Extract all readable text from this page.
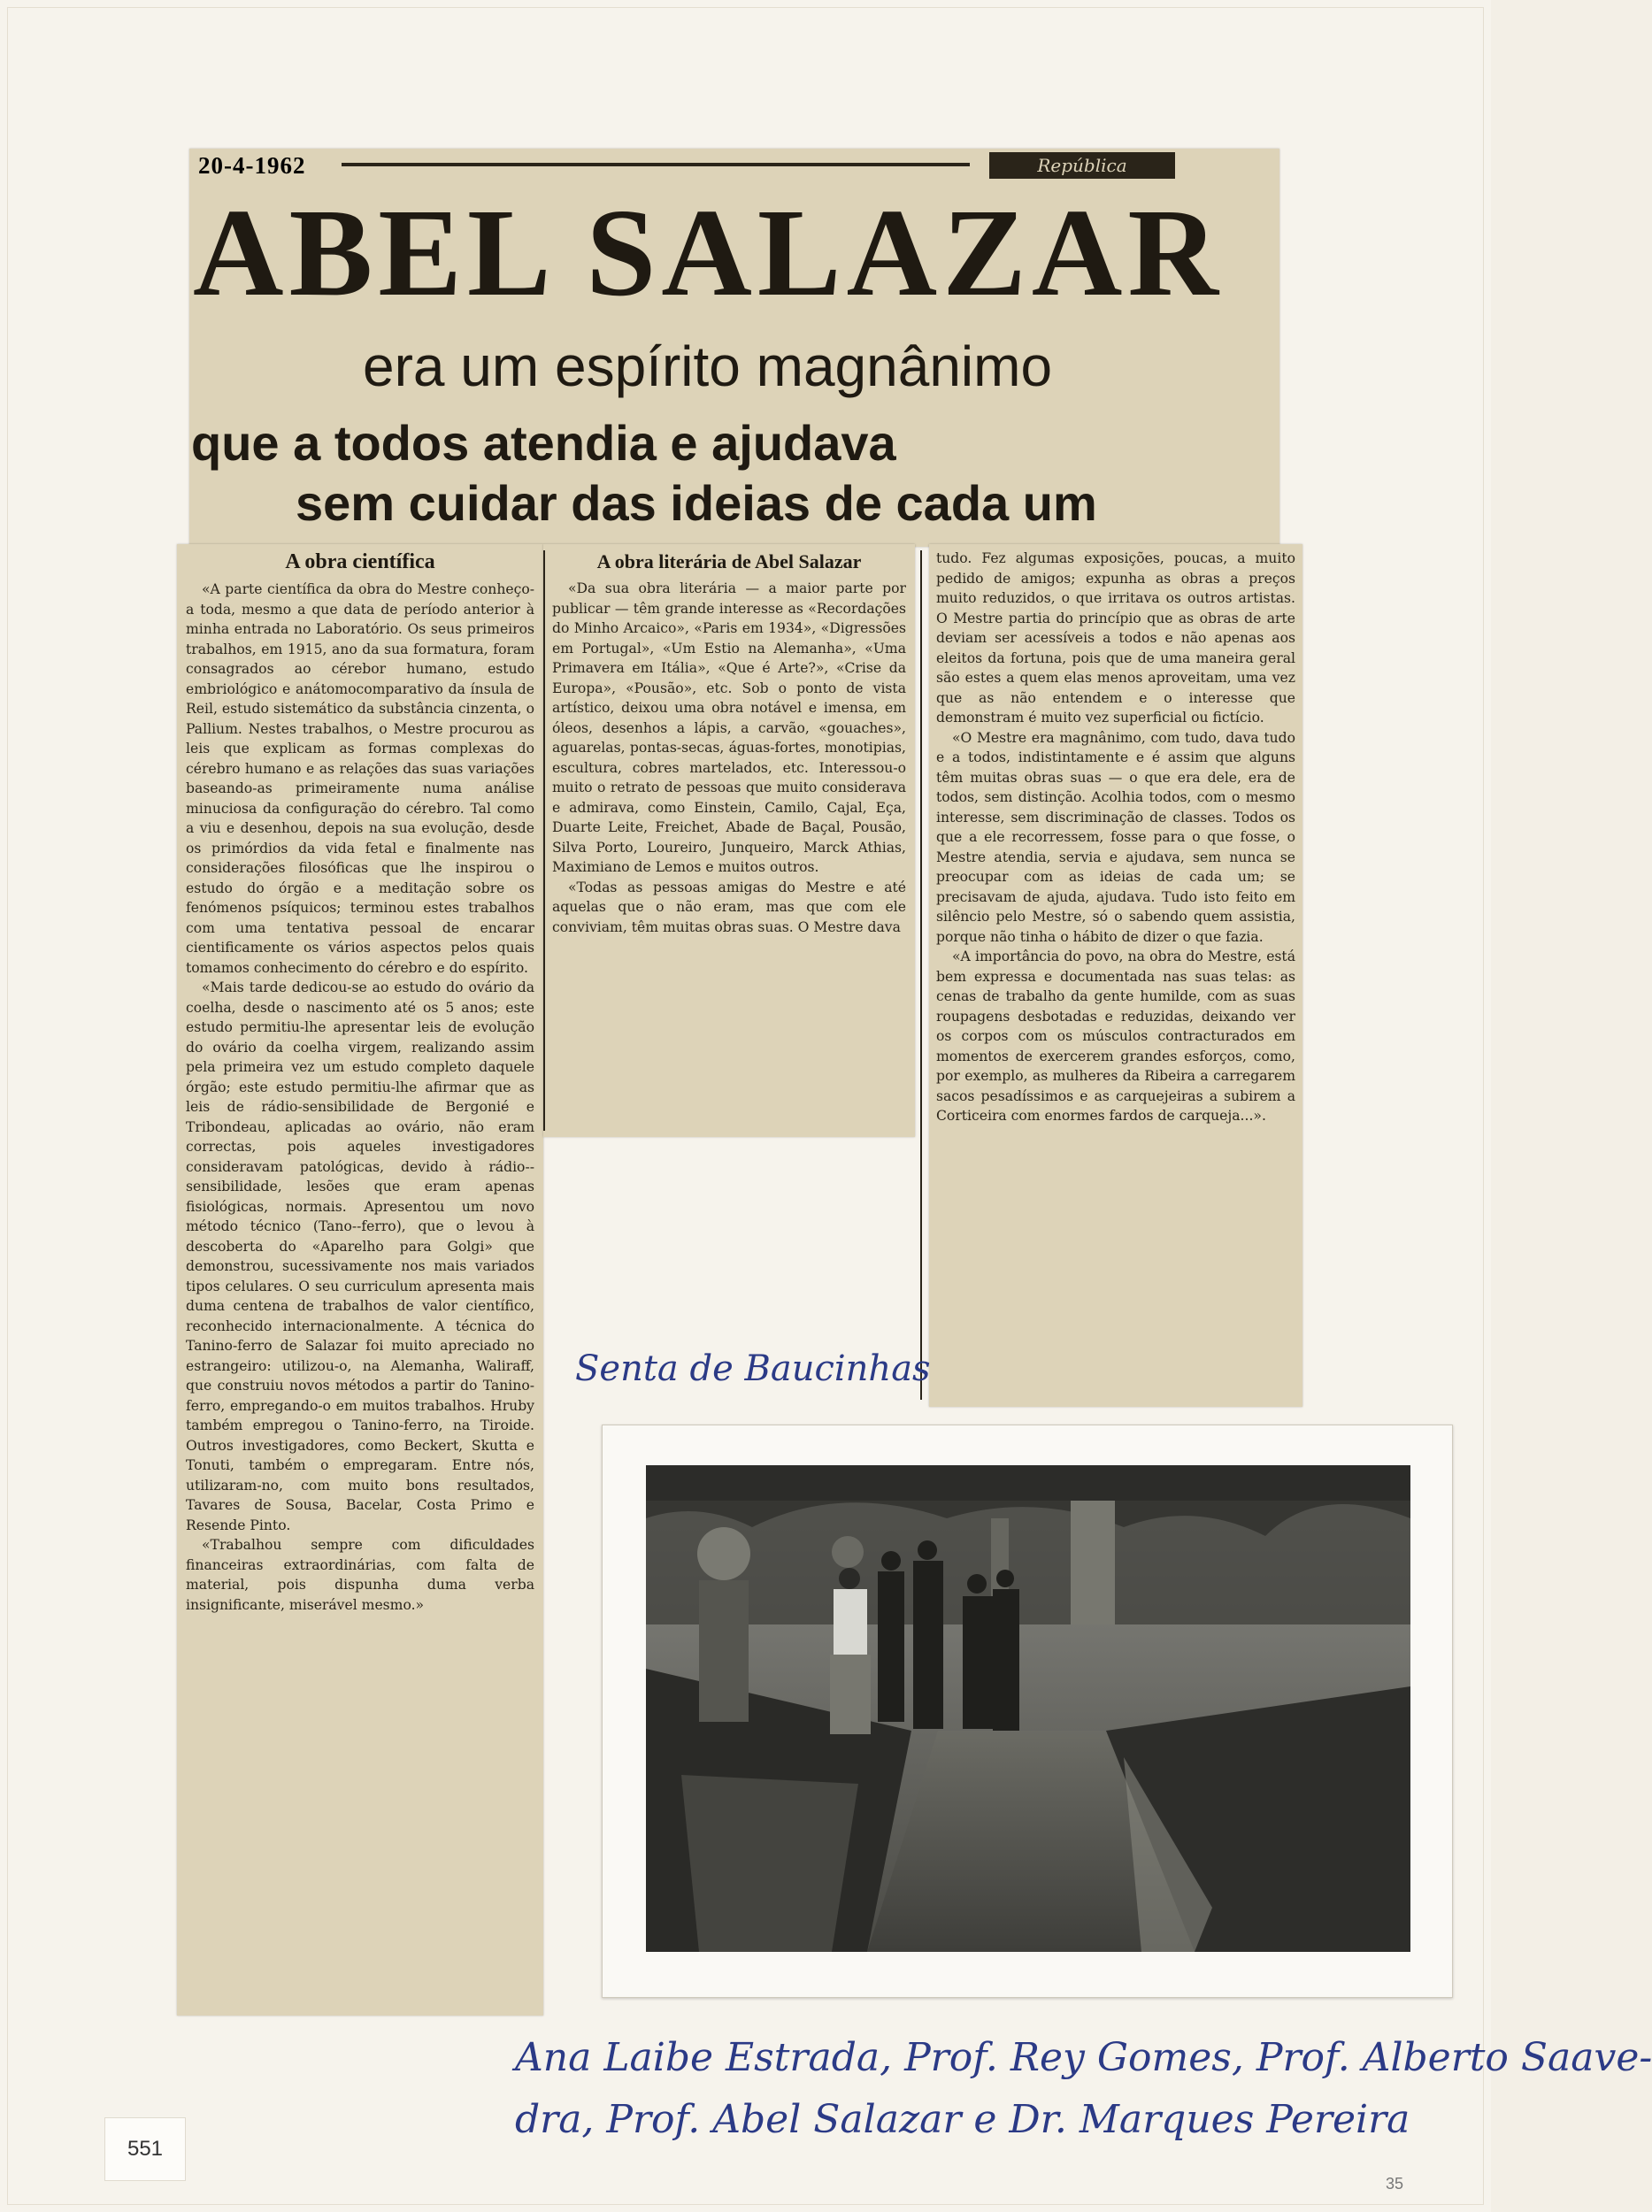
20-4-1962	República
ABEL SALAZAR
era um espírito magnânimo
que a todos atendia e ajudava
sem cuidar das ideias de cada um
A obra científica

«A parte científica da obra do Mestre conheço-a toda, mesmo a que data de período anterior à minha entrada no Laboratório. Os seus primeiros trabalhos, em 1915, ano da sua formatura, foram consagrados ao cérebor humano, estudo embriológico e anátomocomparativo da ínsula de Reil, estudo sistemático da substância cinzenta, o Pallium. Nestes trabalhos, o Mestre procurou as leis que explicam as formas complexas do cérebro humano e as relações das suas variações baseando-as primeiramente numa análise minuciosa da configuração do cérebro. Tal como a viu e desenhou, depois na sua evolução, desde os primórdios da vida fetal e finalmente nas considerações filosóficas que lhe inspirou o estudo do órgão e a meditação sobre os fenómenos psíquicos; terminou estes trabalhos com uma tentativa pessoal de encarar cientificamente os vários aspectos pelos quais tomamos conhecimento do cérebro e do espírito.

«Mais tarde dedicou-se ao estudo do ovário da coelha, desde o nascimento até os 5 anos; este estudo permitiu-lhe apresentar leis de evolução do ovário da coelha virgem, realizando assim pela primeira vez um estudo completo daquele órgão; este estudo permitiu-lhe afirmar que as leis de rádio-sensibilidade de Bergonié e Tribondeau, aplicadas ao ovário, não eram correctas, pois aqueles investigadores consideravam patológicas, devido à rádio--sensibilidade, lesões que eram apenas fisiológicas, normais. Apresentou um novo método técnico (Tano--ferro), que o levou à descoberta do «Aparelho para Golgi» que demonstrou, sucessivamente nos mais variados tipos celulares. O seu curriculum apresenta mais duma centena de trabalhos de valor científico, reconhecido internacionalmente. A técnica do Tanino-ferro de Salazar foi muito apreciado no estrangeiro: utilizou-o, na Alemanha, Waliraff, que construiu novos métodos a partir do Tanino-ferro, empregando-o em muitos trabalhos. Hruby também empregou o Tanino-ferro, na Tiroide. Outros investigadores, como Beckert, Skutta e Tonuti, também o empregaram. Entre nós, utilizaram-no, com muito bons resultados, Tavares de Sousa, Bacelar, Costa Primo e Resende Pinto.

«Trabalhou sempre com dificuldades financeiras extraordinárias, com falta de material, pois dispunha duma verba insignificante, miserável mesmo.»

A obra literária de Abel Salazar

«Da sua obra literária — a maior parte por publicar — têm grande interesse as «Recordações do Minho Arcaico», «Paris em 1934», «Digressões em Portugal», «Um Estio na Alemanha», «Uma Primavera em Itália», «Que é Arte?», «Crise da Europa», «Pousão», etc. Sob o ponto de vista artístico, deixou uma obra notável e imensa, em óleos, desenhos a lápis, a carvão, «gouaches», aguarelas, pontas-secas, águas-fortes, monotipias, escultura, cobres martelados, etc. Interessou-o muito o retrato de pessoas que muito considerava e admirava, como Einstein, Camilo, Cajal, Eça, Duarte Leite, Freichet, Abade de Baçal, Pousão, Silva Porto, Loureiro, Junqueiro, Marck Athias, Maximiano de Lemos e muitos outros.

«Todas as pessoas amigas do Mestre e até aquelas que o não eram, mas que com ele conviviam, têm muitas obras suas. O Mestre dava

tudo. Fez algumas exposições, poucas, a muito pedido de amigos; expunha as obras a preços muito reduzidos, o que irritava os outros artistas. O Mestre partia do princípio que as obras de arte deviam ser acessíveis a todos e não apenas aos eleitos da fortuna, pois que de uma maneira geral são estes a quem elas menos aproveitam, uma vez que as não entendem e o interesse que demonstram é muito vez superficial ou fictício.

«O Mestre era magnânimo, com tudo, dava tudo e a todos, indistintamente e é assim que alguns têm muitas obras suas — o que era dele, era de todos, sem distinção. Acolhia todos, com o mesmo interesse, sem discriminação de classes. Todos os que a ele recorressem, fosse para o que fosse, o Mestre atendia, servia e ajudava, sem nunca se preocupar com as ideias de cada um; se precisavam de ajuda, ajudava. Tudo isto feito em silêncio pelo Mestre, só o sabendo quem assistia, porque não tinha o hábito de dizer o que fazia.

«A importância do povo, na obra do Mestre, está bem expressa e documentada nas suas telas: as cenas de trabalho da gente humilde, com as suas roupagens desbotadas e reduzidas, deixando ver os corpos com os músculos contracturados em momentos de exercerem grandes esforços, como, por exemplo, as mulheres da Ribeira a carregarem sacos pesadíssimos e as carquejeiras a subirem a Corticeira com enormes fardos de carqueja...».

Senta de Baucinhas
Ana Laibe Estrada, Prof. Rey Gomes, Prof. Alberto Saave-
dra, Prof. Abel Salazar e Dr. Marques Pereira
551
35
